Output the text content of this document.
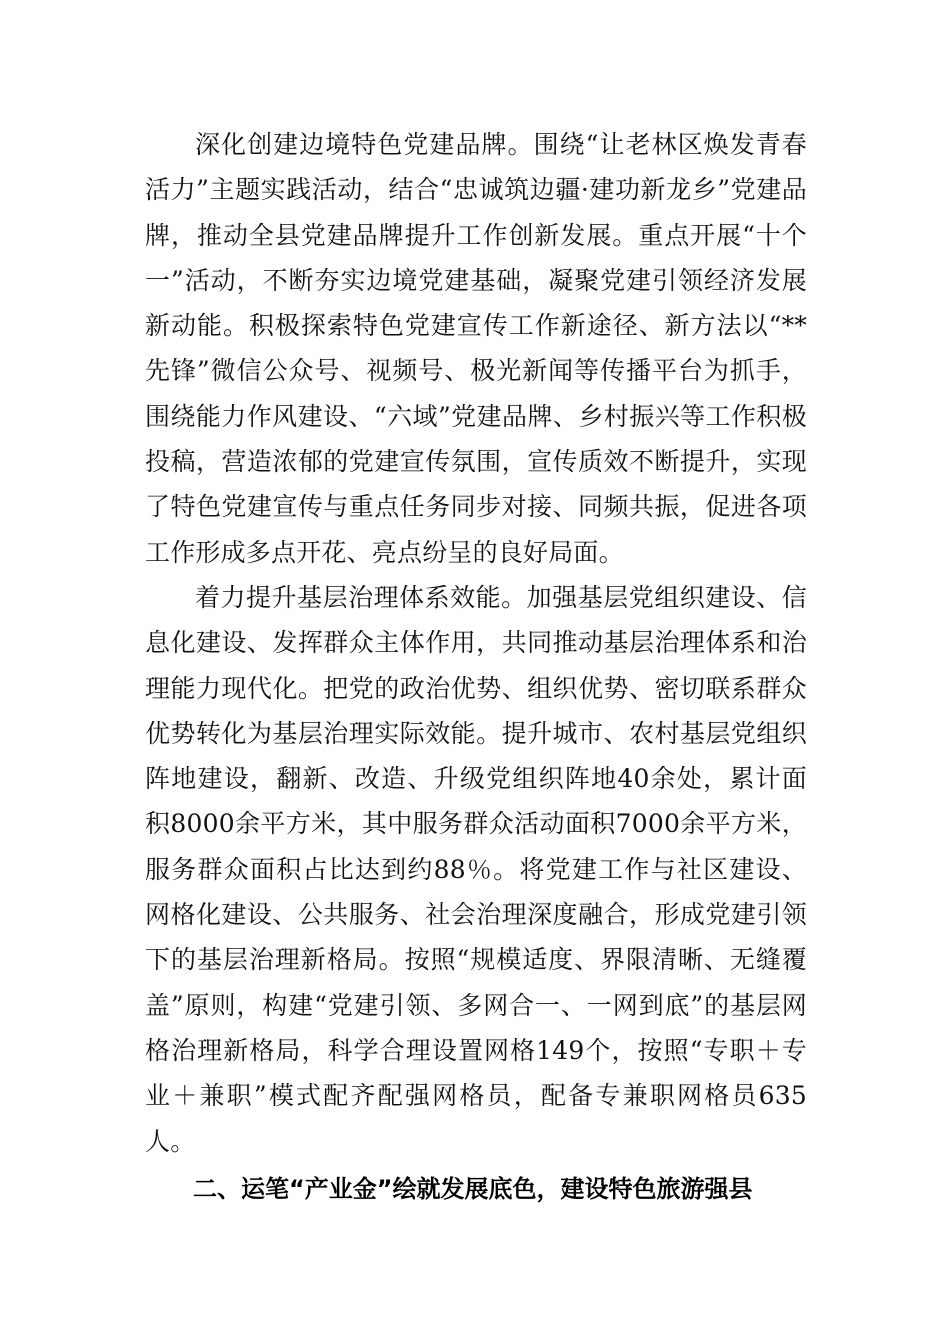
深化创建边境特色党建品牌。围绕“让老林区焕发青春活力”主题实践活动，结合“忠诚筑边疆·建功新龙乡”党建品牌，推动全县党建品牌提升工作创新发展。重点开展“十个一”活动，不断夯实边境党建基础，凝聚党建引领经济发展新动能。积极探索特色党建宣传工作新途径、新方法以“**先锋”微信公众号、视频号、极光新闻等传播平台为抓手，围绕能力作风建设、“六域”党建品牌、乡村振兴等工作积极投稿，营造浓郁的党建宣传氛围，宣传质效不断提升，实现了特色党建宣传与重点任务同步对接、同频共振，促进各项工作形成多点开花、亮点纷呈的良好局面。

着力提升基层治理体系效能。加强基层党组织建设、信息化建设、发挥群众主体作用，共同推动基层治理体系和治理能力现代化。把党的政治优势、组织优势、密切联系群众优势转化为基层治理实际效能。提升城市、农村基层党组织阵地建设，翻新、改造、升级党组织阵地40余处，累计面积8000余平方米，其中服务群众活动面积7000余平方米，服务群众面积占比达到约88％。将党建工作与社区建设、网格化建设、公共服务、社会治理深度融合，形成党建引领下的基层治理新格局。按照“规模适度、界限清晰、无缝覆盖”原则，构建“党建引领、多网合一、一网到底”的基层网格治理新格局，科学合理设置网格149个，按照“专职＋专业＋兼职”模式配齐配强网格员，配备专兼职网格员635人。

二、运笔“产业金”绘就发展底色，建设特色旅游强县
